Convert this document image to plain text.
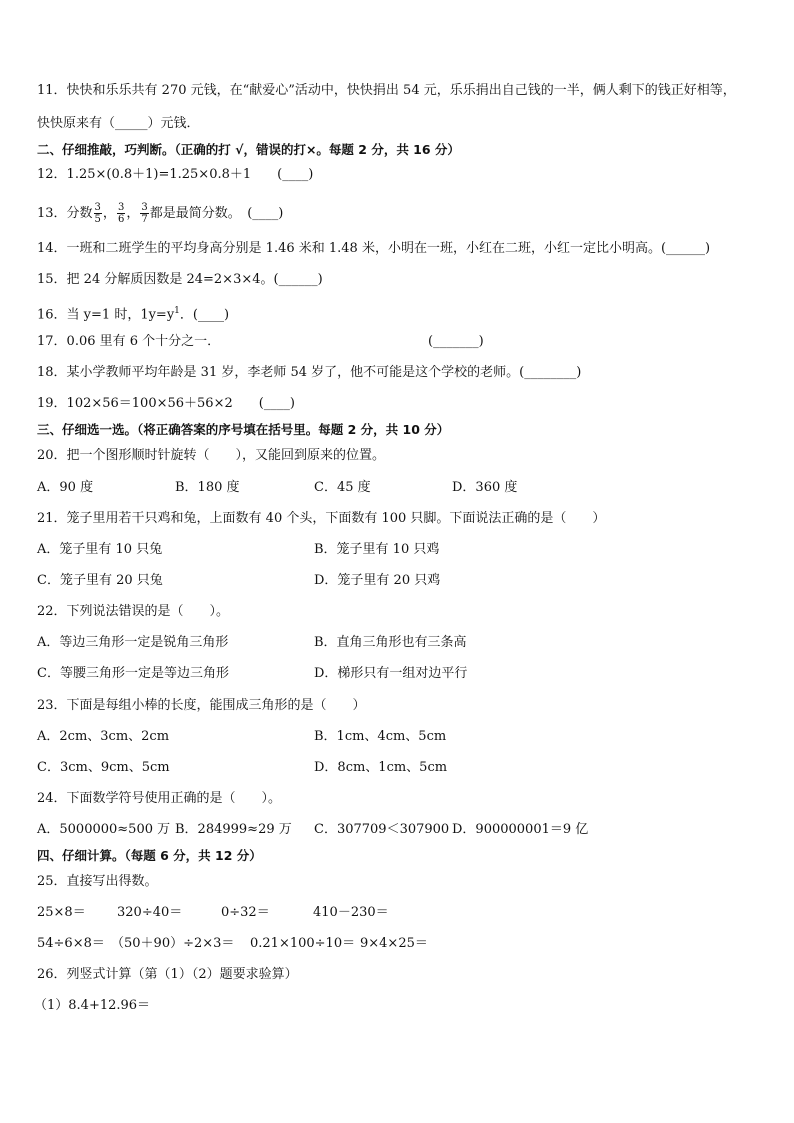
11．快快和乐乐共有 270 元钱，在“献爱心”活动中，快快捐出 54 元，乐乐捐出自己钱的一半，俩人剩下的钱正好相等，
快快原来有（_____）元钱．
二、仔细推敲，巧判断。（正确的打 √，错误的打×。每题 2 分，共 16 分）
12．1.25×(0.8＋1)=1.25×0.8＋1　　(____)
13．分数 $\frac{3}{5}$ ， $\frac{3}{6}$ ， $\frac{3}{7}$ 都是最简分数。　(____)
14．一班和二班学生的平均身高分别是 1.46 米和 1.48 米，小明在一班，小红在二班，小红一定比小明高。(______)
15．把 24 分解质因数是 24=2×3×4。(______)
16．当 y=1 时，$1y=y^1$．(____)
17．0.06 里有 6 个十分之一．	(_______)
18．某小学教师平均年龄是 31 岁，李老师 54 岁了，他不可能是这个学校的老师。(________)
19．102×56＝100×56＋56×2　　(____)
三、仔细选一选。（将正确答案的序号填在括号里。每题 2 分，共 10 分）
20．把一个图形顺时针旋转（　　），又能回到原来的位置。
A．90 度	B．180 度	C．45 度	D．360 度
21．笼子里用若干只鸡和兔，上面数有 40 个头，下面数有 100 只脚。下面说法正确的是（　　）
A．笼子里有 10 只兔	B．笼子里有 10 只鸡
C．笼子里有 20 只兔	D．笼子里有 20 只鸡
22．下列说法错误的是（　　）。
A．等边三角形一定是锐角三角形	B．直角三角形也有三条高
C．等腰三角形一定是等边三角形	D．梯形只有一组对边平行
23．下面是每组小棒的长度，能围成三角形的是（　　）
A．2cm、3cm、2cm	B．1cm、4cm、5cm
C．3cm、9cm、5cm	D．8cm、1cm、5cm
24．下面数学符号使用正确的是（　　）。
A．5000000≈500 万 B．284999≈29 万 C．307709＜307900 D．900000001＝9 亿
四、仔细计算。（每题 6 分，共 12 分）
25．直接写出得数。
25×8＝ 320÷40＝	0÷32＝	410－230＝
54÷6×8＝ （50＋90）÷2×3＝ 0.21×100÷10＝ 9×4×25＝
26．列竖式计算（第（1）（2）题要求验算）
（1）8.4+12.96＝
